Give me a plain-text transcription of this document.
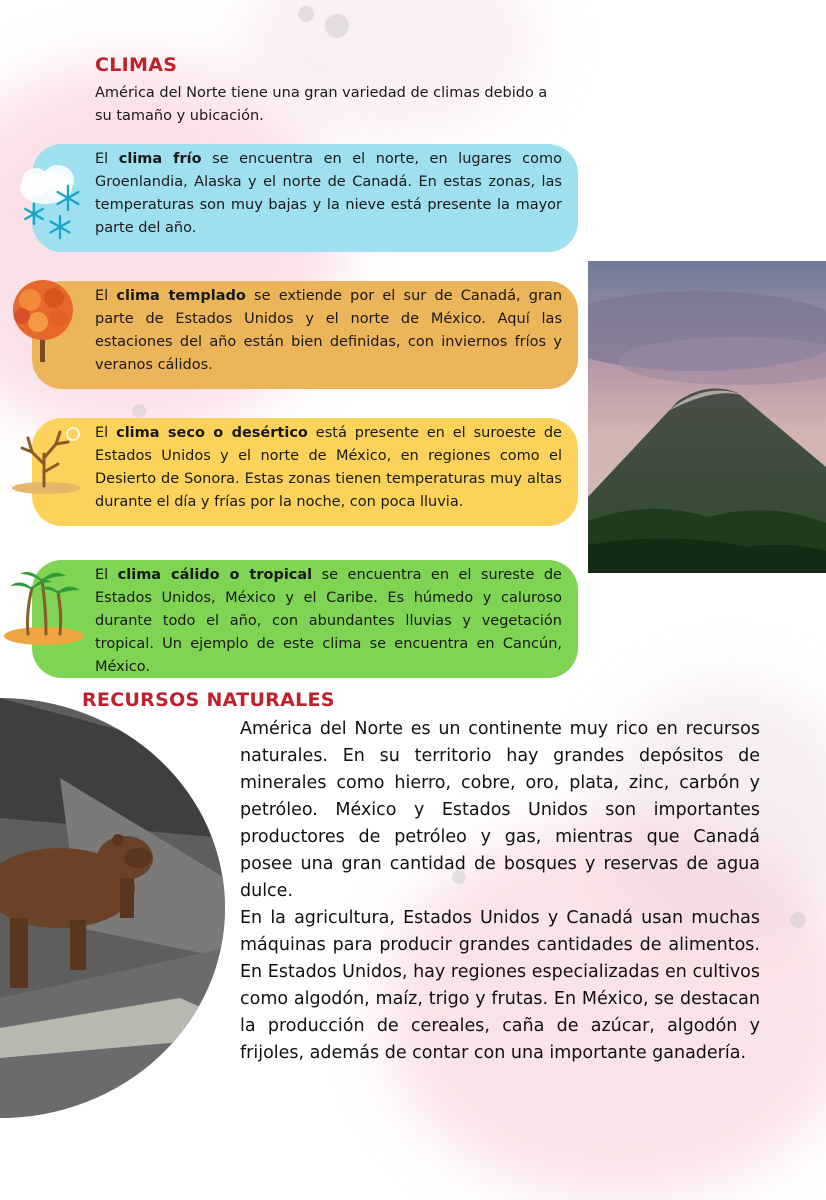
CLIMAS

América del Norte tiene una gran variedad de climas debido a su tamaño y ubicación.

El clima frío se encuentra en el norte, en lugares como Groenlandia, Alaska y el norte de Canadá. En estas zonas, las temperaturas son muy bajas y la nieve está presente la mayor parte del año.

El clima templado se extiende por el sur de Canadá, gran parte de Estados Unidos y el norte de México. Aquí las estaciones del año están bien definidas, con inviernos fríos y veranos cálidos.

El clima seco o desértico está presente en el suroeste de Estados Unidos y el norte de México, en regiones como el Desierto de Sonora. Estas zonas tienen temperaturas muy altas durante el día y frías por la noche, con poca lluvia.

El clima cálido o tropical se encuentra en el sureste de Estados Unidos, México y el Caribe. Es húmedo y caluroso durante todo el año, con abundantes lluvias y vegetación tropical. Un ejemplo de este clima se encuentra en Cancún, México.

RECURSOS NATURALES

América del Norte es un continente muy rico en recursos naturales. En su territorio hay grandes depósitos de minerales como hierro, cobre, oro, plata, zinc, carbón y petróleo. México y Estados Unidos son importantes productores de petróleo y gas, mientras que Canadá posee una gran cantidad de bosques y reservas de agua dulce.

En la agricultura, Estados Unidos y Canadá usan muchas máquinas para producir grandes cantidades de alimentos. En Estados Unidos, hay regiones especializadas en cultivos como algodón, maíz, trigo y frutas. En México, se destacan la producción de cereales, caña de azúcar, algodón y frijoles, además de contar con una importante ganadería.
